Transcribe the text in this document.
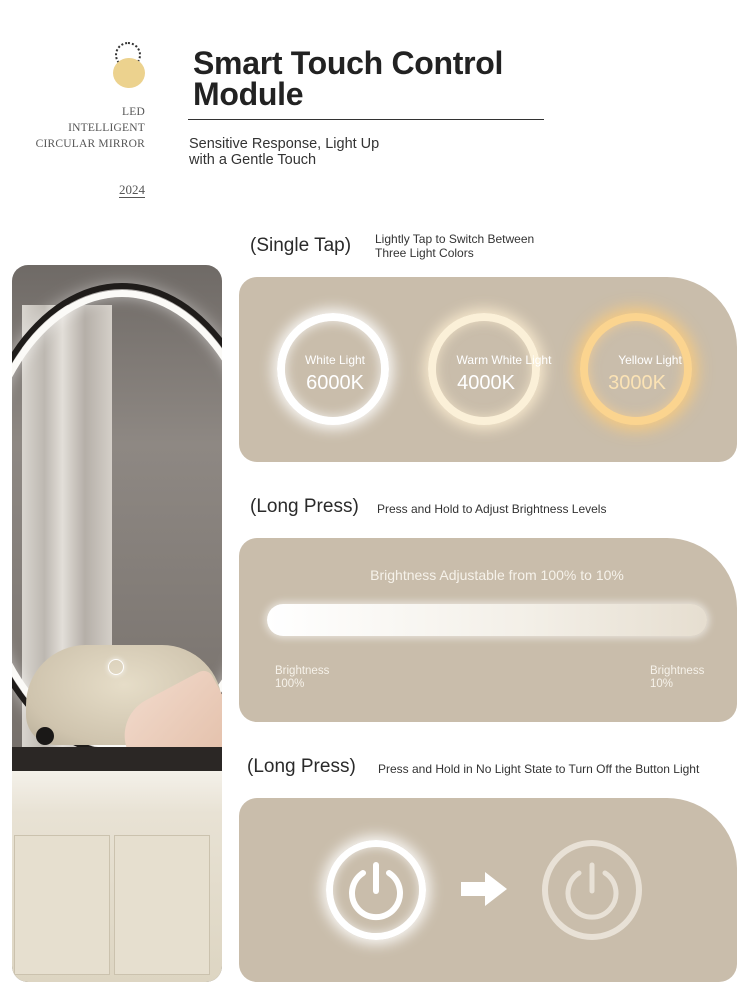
LED
INTELLIGENT
CIRCULAR MIRROR
2024
Smart Touch Control
Module
Sensitive Response, Light Up
with a Gentle Touch
(Single Tap) Lightly Tap to Switch Between
Three Light Colors
White Light
6000K
Warm White Light
4000K
Yellow Light
3000K
(Long Press) Press and Hold to Adjust Brightness Levels
Brightness Adjustable from 100% to 10%
Brightness
100%
Brightness
10%
(Long Press) Press and Hold in No Light State to Turn Off the Button Light
